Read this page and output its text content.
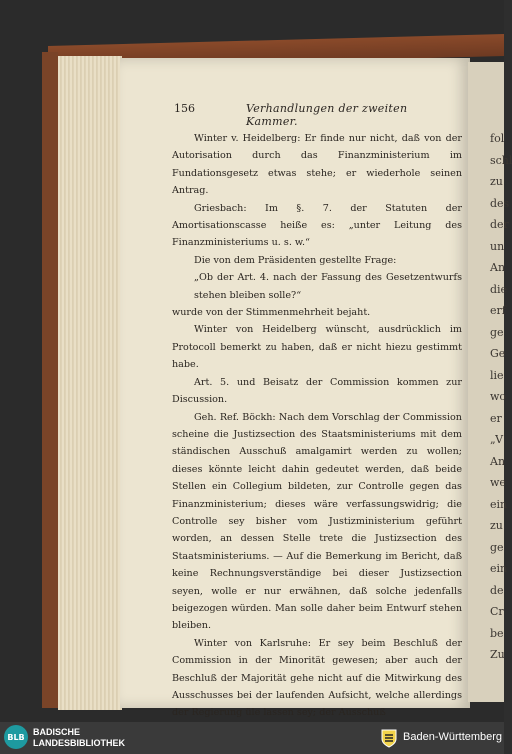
156	Verhandlungen der zweiten Kammer.

Winter v. Heidelberg: Er finde nur nicht, daß von der Autorisation durch das Finanzministerium im Fundationsgesetz etwas stehe; er wiederhole seinen Antrag.

Griesbach: Im §. 7. der Statuten der Amortisationscasse heiße es: „unter Leitung des Finanzministeriums u. s. w.“

Die von dem Präsidenten gestellte Frage:

„Ob der Art. 4. nach der Fassung des Gesetzentwurfs stehen bleiben solle?“

wurde von der Stimmenmehrheit bejaht.

Winter von Heidelberg wünscht, ausdrücklich im Protocoll bemerkt zu haben, daß er nicht hiezu gestimmt habe.

Art. 5. und Beisatz der Commission kommen zur Discussion.

Geh. Ref. Böckh: Nach dem Vorschlag der Commission scheine die Justizsection des Staatsministeriums mit dem ständischen Ausschuß amalgamirt werden zu wollen; dieses könnte leicht dahin gedeutet werden, daß beide Stellen ein Collegium bildeten, zur Controlle gegen das Finanzministerium; dieses wäre verfassungswidrig; die Controlle sey bisher vom Justizministerium geführt worden, an dessen Stelle trete die Justizsection des Staatsministeriums. — Auf die Bemerkung im Bericht, daß keine Rechnungsverständige bei dieser Justizsection seyen, wolle er nur erwähnen, daß solche jedenfalls beigezogen würden. Man solle daher beim Entwurf stehen bleiben.

Winter von Karlsruhe: Er sey beim Beschluß der Commission in der Minorität gewesen; aber auch der Beschluß der Majorität gehe nicht auf die Mitwirkung des Ausschusses bei der laufenden Aufsicht, welche allerdings der Regierung üle lassen sey; der Ausschuß

fol
schl
zu
des
der
un
An
die
erf
ge
Ge
lie
wo
er
„V
An
we
ein
zu
ge
ein
de
Cr
be
Zu
BLB BADISCHE
LANDESBIBLIOTHEK	Baden-Württemberg
